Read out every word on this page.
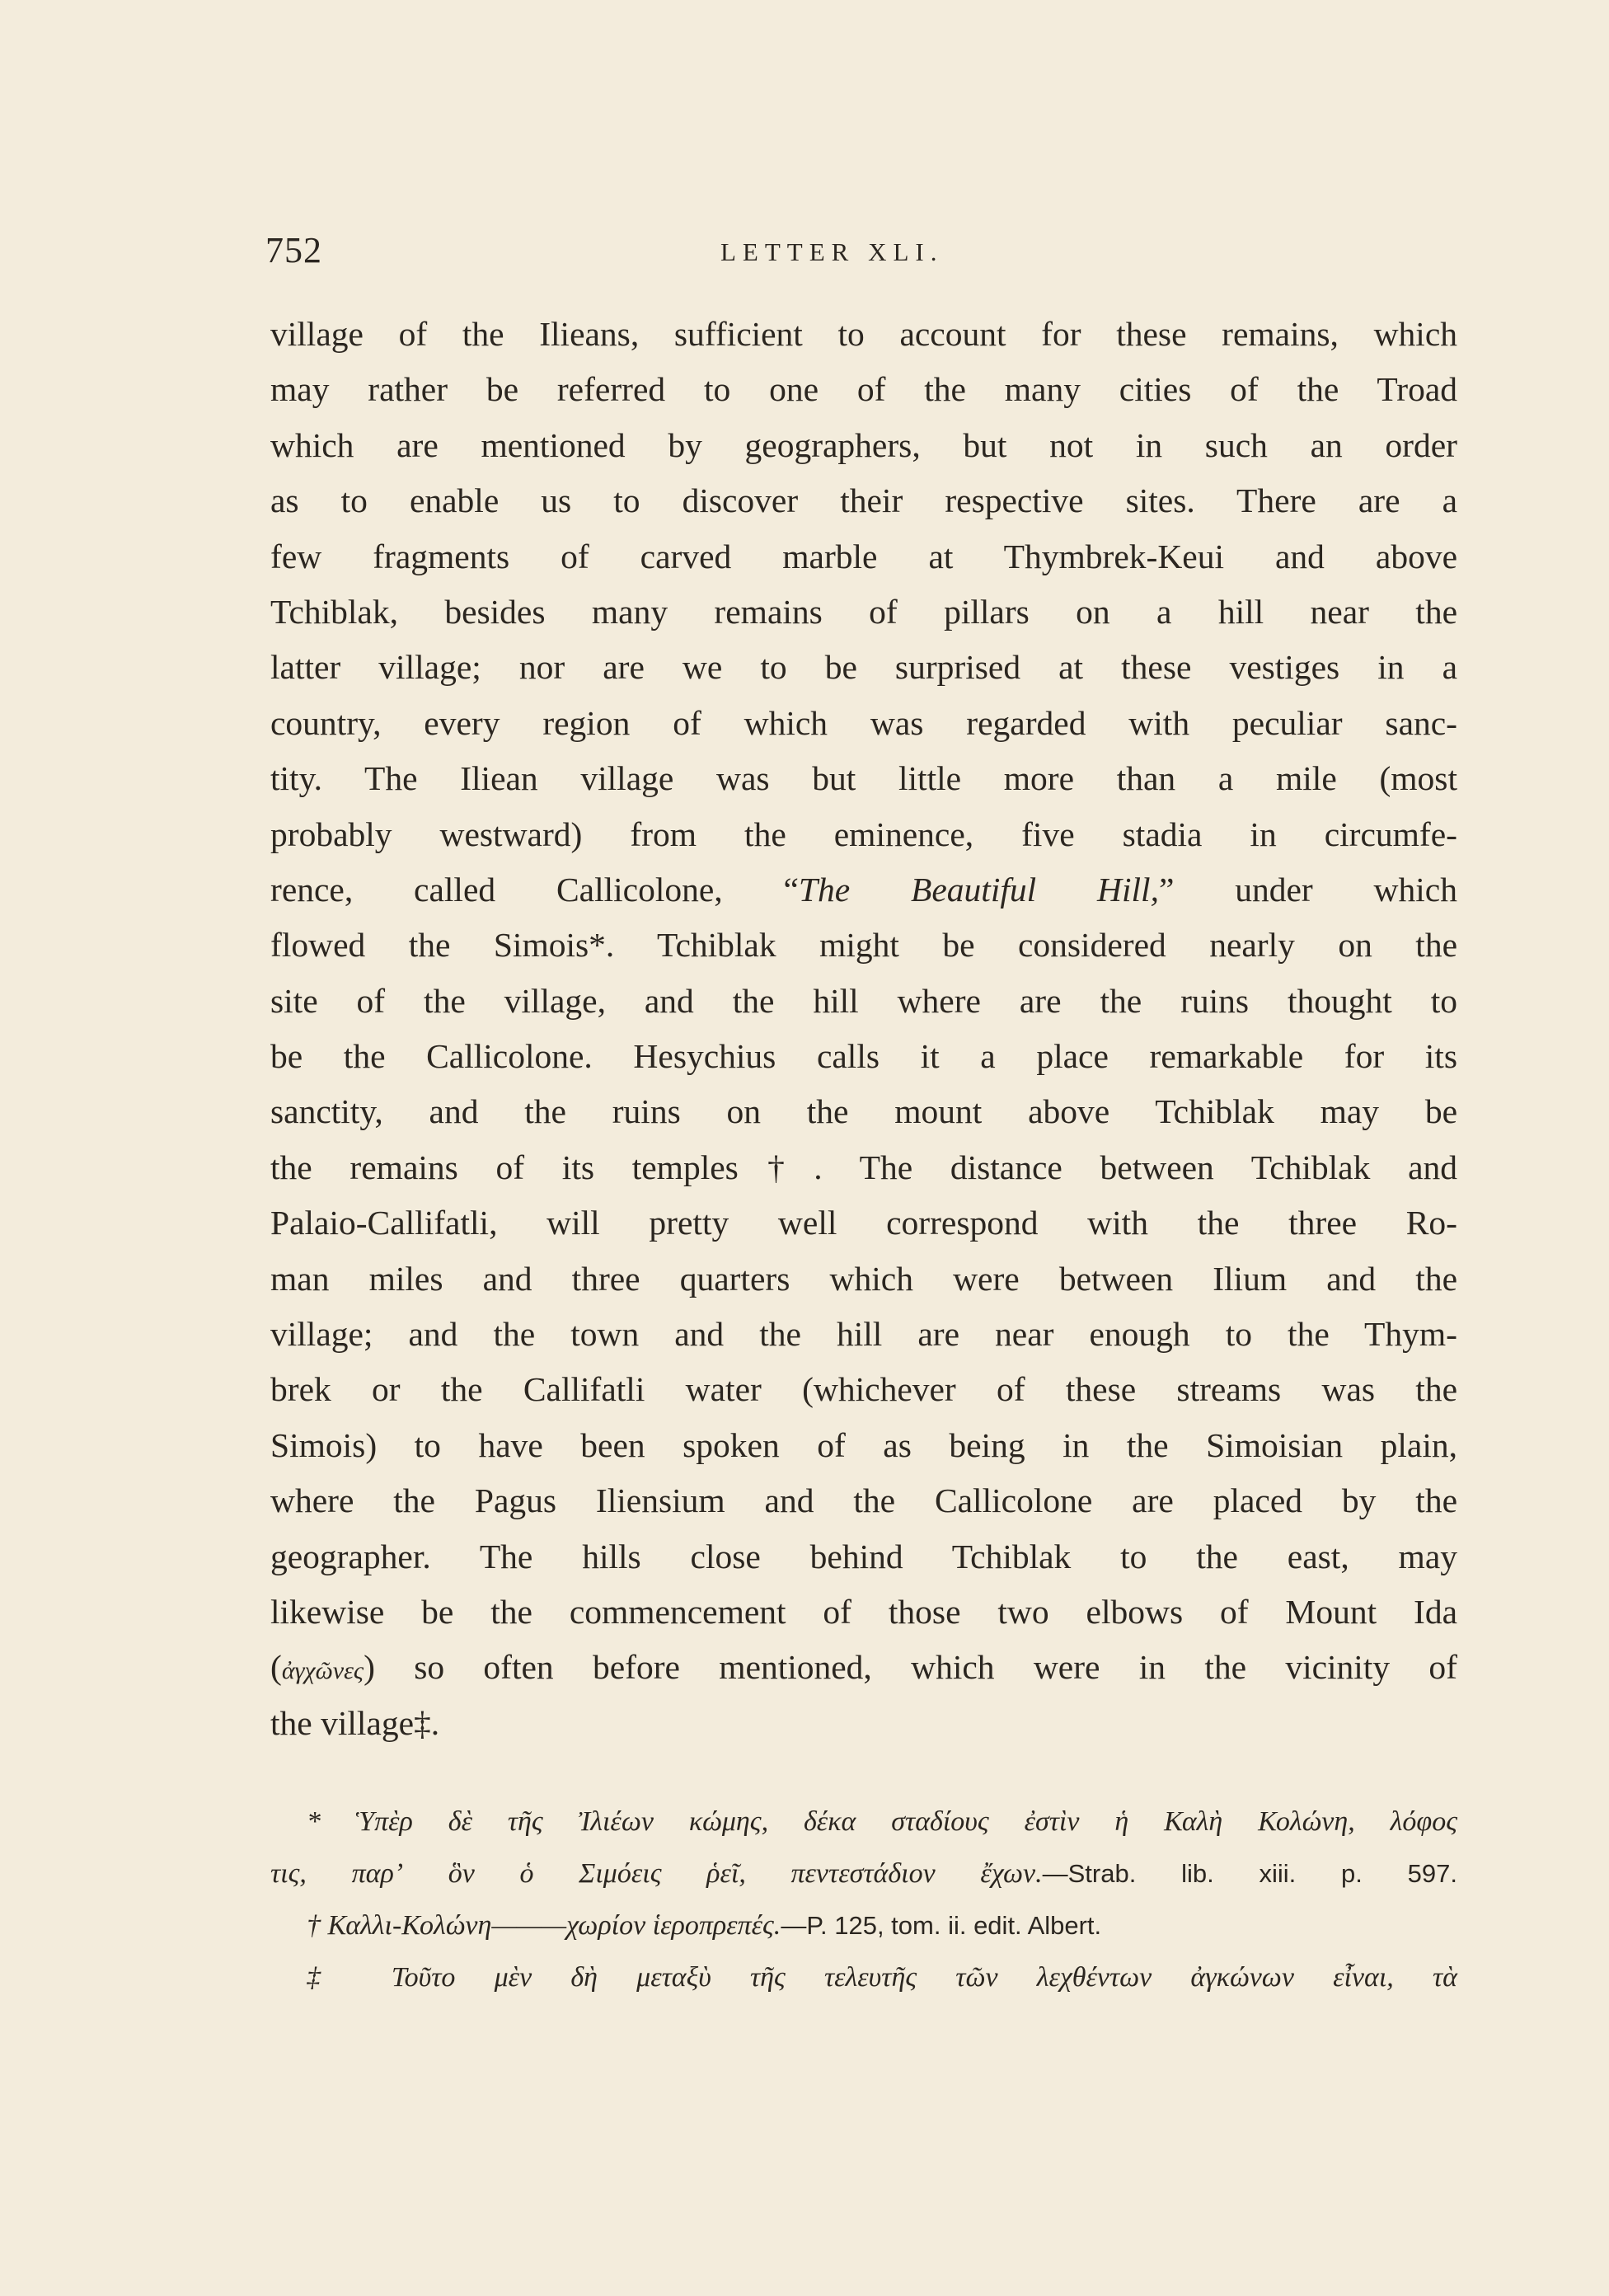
752	LETTER XLI.
village of the Ilieans, sufficient to account for these remains, which
may rather be referred to one of the many cities of the Troad
which are mentioned by geographers, but not in such an order
as to enable us to discover their respective sites. There are a
few fragments of carved marble at Thymbrek-Keui and above
Tchiblak, besides many remains of pillars on a hill near the
latter village; nor are we to be surprised at these vestiges in a
country, every region of which was regarded with peculiar sanc-
tity. The Iliean village was but little more than a mile (most
probably westward) from the eminence, five stadia in circumfe-
rence, called Callicolone, “The Beautiful Hill,” under which
flowed the Simois*. Tchiblak might be considered nearly on the
site of the village, and the hill where are the ruins thought to
be the Callicolone. Hesychius calls it a place remarkable for its
sanctity, and the ruins on the mount above Tchiblak may be
the remains of its temples†. The distance between Tchiblak and
Palaio-Callifatli, will pretty well correspond with the three Ro-
man miles and three quarters which were between Ilium and the
village; and the town and the hill are near enough to the Thym-
brek or the Callifatli water (whichever of these streams was the
Simois) to have been spoken of as being in the Simoisian plain,
where the Pagus Iliensium and the Callicolone are placed by the
geographer. The hills close behind Tchiblak to the east, may
likewise be the commencement of those two elbows of Mount Ida
(ἀγχῶνες) so often before mentioned, which were in the vicinity of
the village‡.
* Ὑπὲρ δὲ τῆς Ἰλιέων κώμης, δέκα σταδίους ἐστὶν ἡ Καλὴ Κολώνη, λόφος
τις, παρʼ ὃν ὁ Σιμόεις ῥεῖ, πεντεστάδιον ἔχων.—Strab. lib. xiii. p. 597.
† Καλλι-Κολώνη———χωρίον ἱεροπρεπές.—P. 125, tom. ii. edit. Albert.
‡ Τοῦτο μὲν δὴ μεταξὺ τῆς τελευτῆς τῶν λεχθέντων ἀγκώνων εἶναι, τὰ
